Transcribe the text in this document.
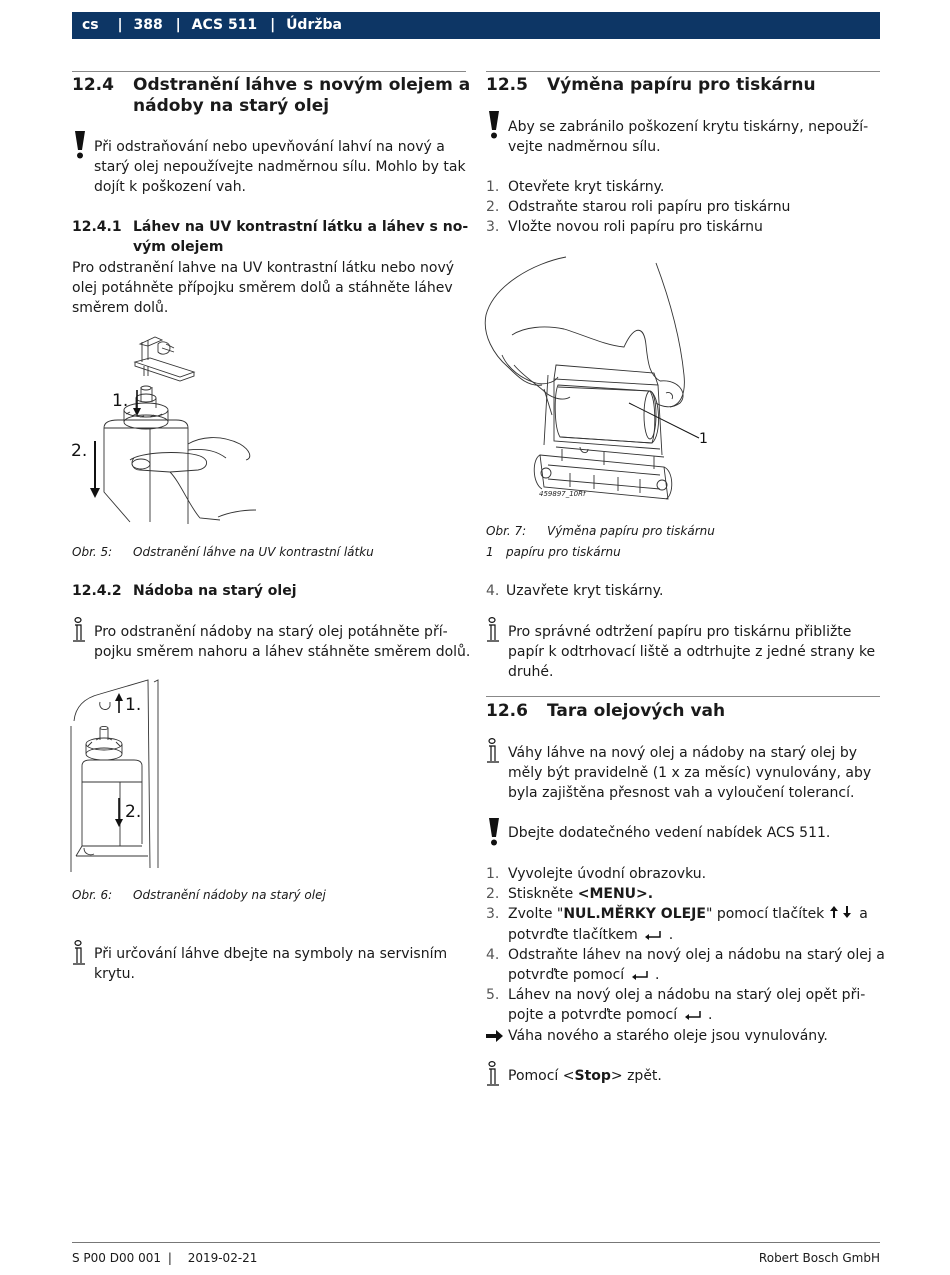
cs | 388 | ACS 511 | Údržba
12.4 Odstranění láhve s novým olejem a
nádoby na starý olej
Při odstraňování nebo upevňování lahví na nový a
starý olej nepoužívejte nadměrnou sílu. Mohlo by tak
dojít k poškození vah.
12.4.1 Láhev na UV kontrastní látku a láhev s no-
vým olejem
Pro odstranění lahve na UV kontrastní látku nebo nový
olej potáhněte přípojku směrem dolů a stáhněte láhev
směrem dolů.
1.
2.
Obr. 5: Odstranění láhve na UV kontrastní látku
12.4.2 Nádoba na starý olej
Pro odstranění nádoby na starý olej potáhněte pří-
pojku směrem nahoru a láhev stáhněte směrem dolů.
1.
2.
Obr. 6: Odstranění nádoby na starý olej
Při určování láhve dbejte na symboly na servisním
krytu.
12.5 Výměna papíru pro tiskárnu
Aby se zabránilo poškození krytu tiskárny, nepouží-
vejte nadměrnou sílu.
1. Otevřete kryt tiskárny.
2. Odstraňte starou roli papíru pro tiskárnu
3. Vložte novou roli papíru pro tiskárnu
1
459897_10Rf
Obr. 7: Výměna papíru pro tiskárnu
1 papíru pro tiskárnu
4. Uzavřete kryt tiskárny.
Pro správné odtržení papíru pro tiskárnu přibližte
papír k odtrhovací liště a odtrhujte z jedné strany ke
druhé.
12.6 Tara olejových vah
Váhy láhve na nový olej a nádoby na starý olej by
měly být pravidelně (1 x za měsíc) vynulovány, aby
byla zajištěna přesnost vah a vyloučení tolerancí.
Dbejte dodatečného vedení nabídek ACS 511.
1. Vyvolejte úvodní obrazovku.
2. Stiskněte <MENU>.
3. Zvolte "NUL.MĚRKY OLEJE" pomocí tlačítek a
potvrďte tlačítkem  .
4. Odstraňte láhev na nový olej a nádobu na starý olej a
potvrďte pomocí  .
5. Láhev na nový olej a nádobu na starý olej opět při-
pojte a potvrďte pomocí  .
Váha nového a starého oleje jsou vynulovány.
Pomocí <Stop> zpět.
S P00 D00 001 | 2019-02-21	Robert Bosch GmbH
